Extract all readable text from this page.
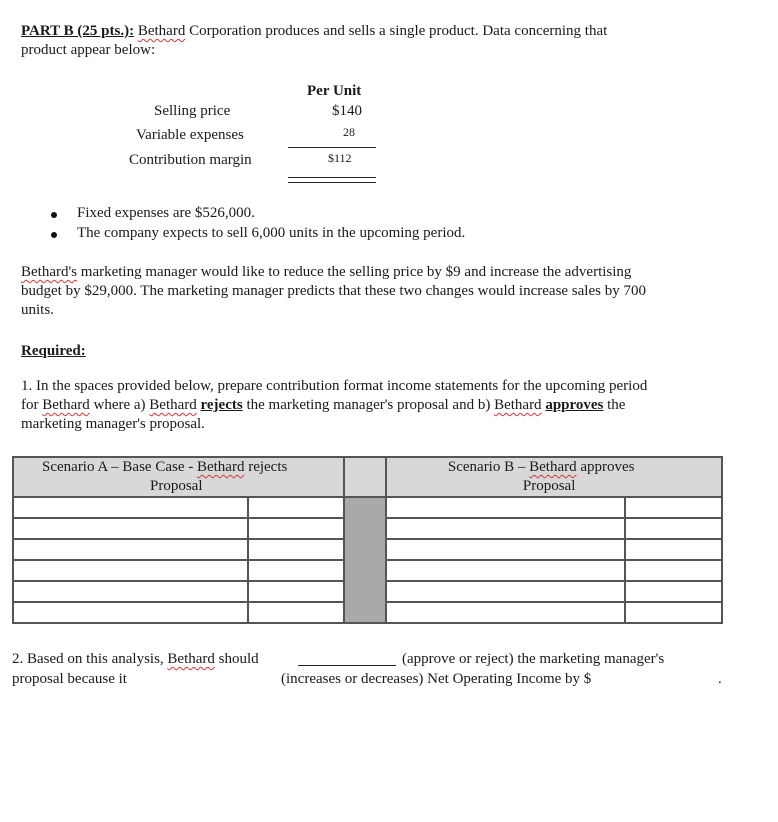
PART B (25 pts.): Bethard Corporation produces and sells a single product. Data concerning that
product appear below:
Per Unit
Selling price	$140
Variable expenses	28
Contribution margin	$112
Fixed expenses are $526,000.
The company expects to sell 6,000 units in the upcoming period.
Bethard's marketing manager would like to reduce the selling price by $9 and increase the advertising
budget by $29,000. The marketing manager predicts that these two changes would increase sales by 700
units.
Required:
1. In the spaces provided below, prepare contribution format income statements for the upcoming period
for Bethard where a) Bethard rejects the marketing manager's proposal and b) Bethard approves the
marketing manager's proposal.
Scenario A – Base Case - Bethard rejects
Proposal			Scenario B – Bethard approves
Proposal	

2. Based on this analysis, Bethard should	(approve or reject) the marketing manager's
proposal because it	(increases or decreases) Net Operating Income by $	.
